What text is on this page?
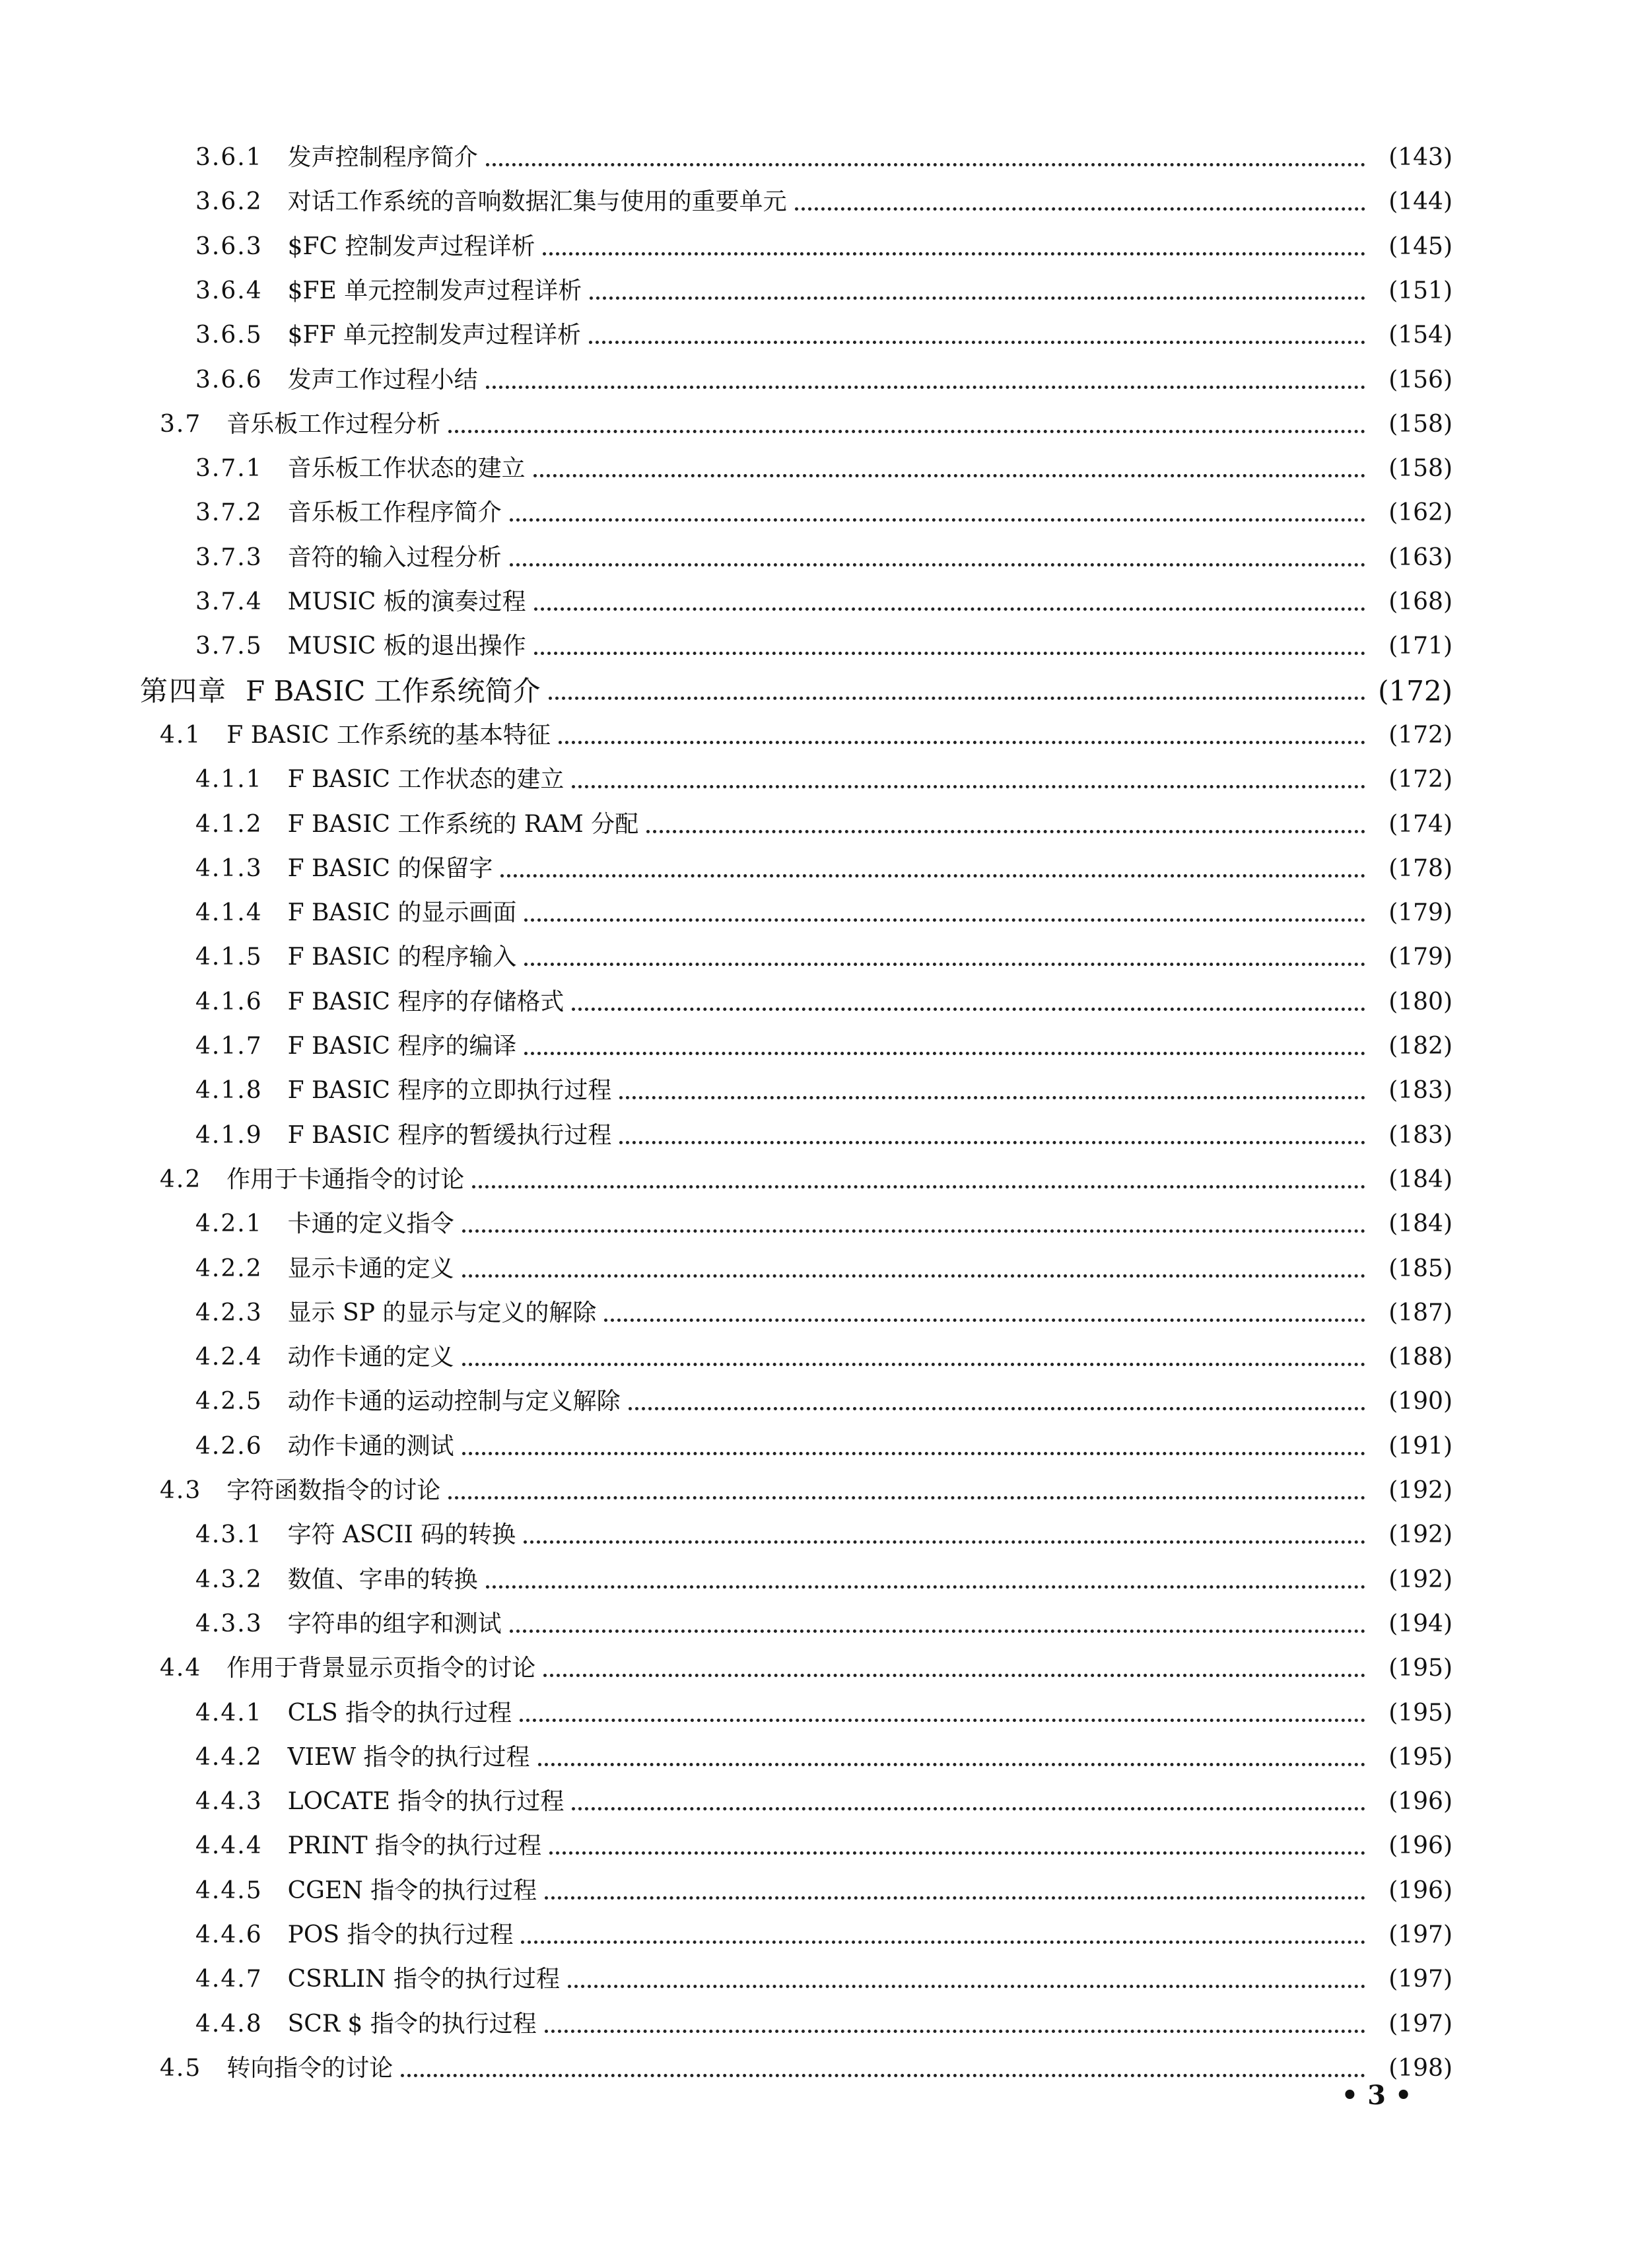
3.6.1 发声控制程序简介	(143)
3.6.2 对话工作系统的音响数据汇集与使用的重要单元	(144)
3.6.3 $FC 控制发声过程详析	(145)
3.6.4 $FE 单元控制发声过程详析	(151)
3.6.5 $FF 单元控制发声过程详析	(154)
3.6.6 发声工作过程小结	(156)
3.7 音乐板工作过程分析	(158)
3.7.1 音乐板工作状态的建立	(158)
3.7.2 音乐板工作程序简介	(162)
3.7.3 音符的输入过程分析	(163)
3.7.4 MUSIC 板的演奏过程	(168)
3.7.5 MUSIC 板的退出操作	(171)
第四章 F BASIC 工作系统简介	(172)
4.1 F BASIC 工作系统的基本特征	(172)
4.1.1 F BASIC 工作状态的建立	(172)
4.1.2 F BASIC 工作系统的 RAM 分配	(174)
4.1.3 F BASIC 的保留字	(178)
4.1.4 F BASIC 的显示画面	(179)
4.1.5 F BASIC 的程序输入	(179)
4.1.6 F BASIC 程序的存储格式	(180)
4.1.7 F BASIC 程序的编译	(182)
4.1.8 F BASIC 程序的立即执行过程	(183)
4.1.9 F BASIC 程序的暂缓执行过程	(183)
4.2 作用于卡通指令的讨论	(184)
4.2.1 卡通的定义指令	(184)
4.2.2 显示卡通的定义	(185)
4.2.3 显示 SP 的显示与定义的解除	(187)
4.2.4 动作卡通的定义	(188)
4.2.5 动作卡通的运动控制与定义解除	(190)
4.2.6 动作卡通的测试	(191)
4.3 字符函数指令的讨论	(192)
4.3.1 字符 ASCII 码的转换	(192)
4.3.2 数值、字串的转换	(192)
4.3.3 字符串的组字和测试	(194)
4.4 作用于背景显示页指令的讨论	(195)
4.4.1 CLS 指令的执行过程	(195)
4.4.2 VIEW 指令的执行过程	(195)
4.4.3 LOCATE 指令的执行过程	(196)
4.4.4 PRINT 指令的执行过程	(196)
4.4.5 CGEN 指令的执行过程	(196)
4.4.6 POS 指令的执行过程	(197)
4.4.7 CSRLIN 指令的执行过程	(197)
4.4.8 SCR $ 指令的执行过程	(197)
4.5 转向指令的讨论	(198)
• 3 •
